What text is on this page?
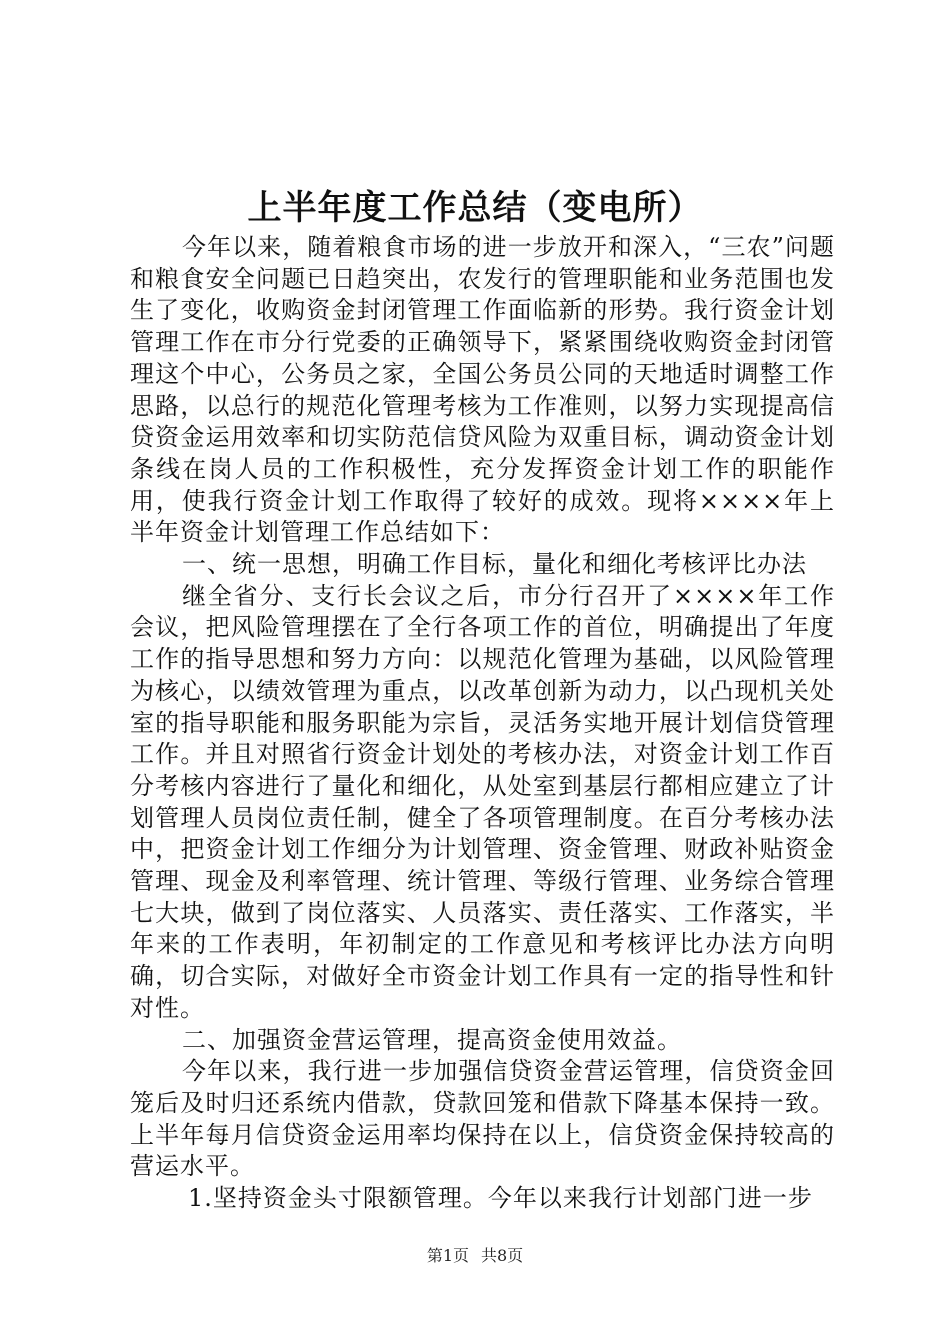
上半年度工作总结（变电所）

今年以来，随着粮食市场的进一步放开和深入，“三农”问题和粮食安全问题已日趋突出，农发行的管理职能和业务范围也发生了变化，收购资金封闭管理工作面临新的形势。我行资金计划管理工作在市分行党委的正确领导下，紧紧围绕收购资金封闭管理这个中心，公务员之家，全国公务员公同的天地适时调整工作思路，以总行的规范化管理考核为工作准则，以努力实现提高信贷资金运用效率和切实防范信贷风险为双重目标，调动资金计划条线在岗人员的工作积极性，充分发挥资金计划工作的职能作用，使我行资金计划工作取得了较好的成效。现将××××年上半年资金计划管理工作总结如下：

一、统一思想，明确工作目标，量化和细化考核评比办法

继全省分、支行长会议之后，市分行召开了××××年工作会议，把风险管理摆在了全行各项工作的首位，明确提出了年度工作的指导思想和努力方向：以规范化管理为基础，以风险管理为核心，以绩效管理为重点，以改革创新为动力，以凸现机关处室的指导职能和服务职能为宗旨，灵活务实地开展计划信贷管理工作。并且对照省行资金计划处的考核办法，对资金计划工作百分考核内容进行了量化和细化，从处室到基层行都相应建立了计划管理人员岗位责任制，健全了各项管理制度。在百分考核办法中，把资金计划工作细分为计划管理、资金管理、财政补贴资金管理、现金及利率管理、统计管理、等级行管理、业务综合管理七大块，做到了岗位落实、人员落实、责任落实、工作落实，半年来的工作表明，年初制定的工作意见和考核评比办法方向明确，切合实际，对做好全市资金计划工作具有一定的指导性和针对性。

二、加强资金营运管理，提高资金使用效益。

今年以来，我行进一步加强信贷资金营运管理，信贷资金回笼后及时归还系统内借款，贷款回笼和借款下降基本保持一致。上半年每月信贷资金运用率均保持在以上，信贷资金保持较高的营运水平。

1.坚持资金头寸限额管理。今年以来我行计划部门进一步

第1页 共8页
